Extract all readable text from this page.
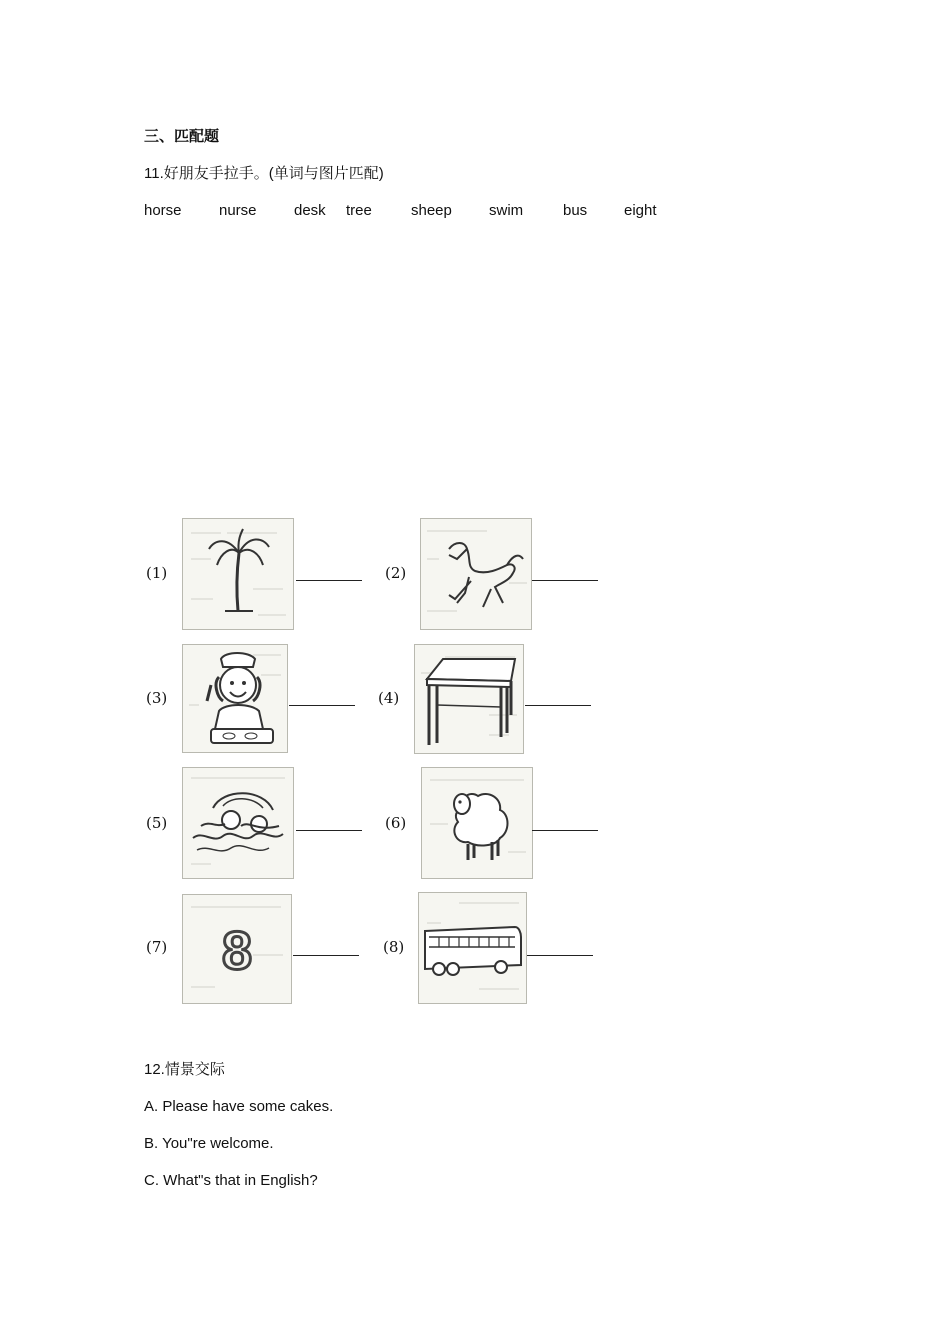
三、匹配题
11.好朋友手拉手。(单词与图片匹配)
horse nurse desk tree	sheep swim	bus eight
(1)	(2)
(3)	(4)
(5)	(6)
(7) 8	(8)
12.情景交际
A. Please have some cakes.
B. You"re welcome.
C. What"s that in English?
